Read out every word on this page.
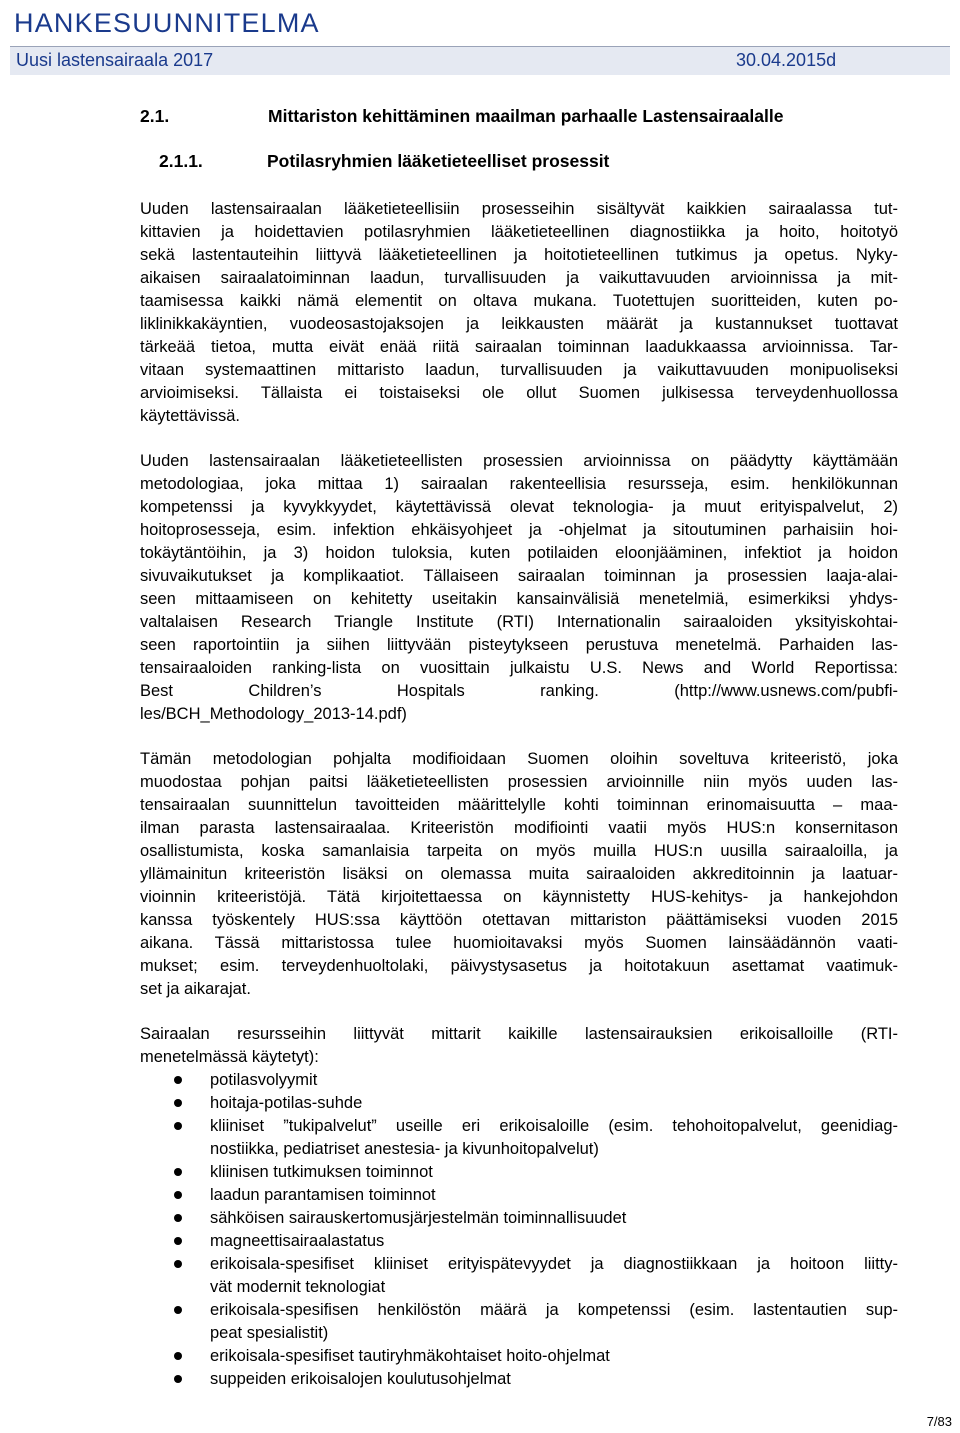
HANKESUUNNITELMA
Uusi lastensairaala 2017	30.04.2015d
2.1.	Mittariston kehittäminen maailman parhaalle Lastensairaalalle
2.1.1.	Potilasryhmien lääketieteelliset prosessit
Uuden lastensairaalan lääketieteellisiin prosesseihin sisältyvät kaikkien sairaalassa tut-
kittavien ja hoidettavien potilasryhmien lääketieteellinen diagnostiikka ja hoito, hoitotyö
sekä lastentauteihin liittyvä lääketieteellinen ja hoitotieteellinen tutkimus ja opetus. Nyky-
aikaisen sairaalatoiminnan laadun, turvallisuuden ja vaikuttavuuden arvioinnissa ja mit-
taamisessa kaikki nämä elementit on oltava mukana. Tuotettujen suoritteiden, kuten po-
liklinikkakäyntien, vuodeosastojaksojen ja leikkausten määrät ja kustannukset tuottavat
tärkeää tietoa, mutta eivät enää riitä sairaalan toiminnan laadukkaassa arvioinnissa. Tar-
vitaan systemaattinen mittaristo laadun, turvallisuuden ja vaikuttavuuden monipuoliseksi
arvioimiseksi. Tällaista ei toistaiseksi ole ollut Suomen julkisessa terveydenhuollossa
käytettävissä.
Uuden lastensairaalan lääketieteellisten prosessien arvioinnissa on päädytty käyttämään
metodologiaa, joka mittaa 1) sairaalan rakenteellisia resursseja, esim. henkilökunnan
kompetenssi ja kyvykkyydet, käytettävissä olevat teknologia- ja muut erityispalvelut, 2)
hoitoprosesseja, esim. infektion ehkäisyohjeet ja -ohjelmat ja sitoutuminen parhaisiin hoi-
tokäytäntöihin, ja 3) hoidon tuloksia, kuten potilaiden eloonjääminen, infektiot ja hoidon
sivuvaikutukset ja komplikaatiot. Tällaiseen sairaalan toiminnan ja prosessien laaja-alai-
seen mittaamiseen on kehitetty useitakin kansainvälisiä menetelmiä, esimerkiksi yhdys-
valtalaisen Research Triangle Institute (RTI) Internationalin sairaaloiden yksityiskohtai-
seen raportointiin ja siihen liittyvään pisteytykseen perustuva menetelmä. Parhaiden las-
tensairaaloiden ranking-lista on vuosittain julkaistu U.S. News and World Reportissa:
Best Children’s Hospitals ranking. (http://www.usnews.com/pubfi-
les/BCH_Methodology_2013-14.pdf)
Tämän metodologian pohjalta modifioidaan Suomen oloihin soveltuva kriteeristö, joka
muodostaa pohjan paitsi lääketieteellisten prosessien arvioinnille niin myös uuden las-
tensairaalan suunnittelun tavoitteiden määrittelylle kohti toiminnan erinomaisuutta – maa-
ilman parasta lastensairaalaa. Kriteeristön modifiointi vaatii myös HUS:n konsernitason
osallistumista, koska samanlaisia tarpeita on myös muilla HUS:n uusilla sairaaloilla, ja
yllämainitun kriteeristön lisäksi on olemassa muita sairaaloiden akkreditoinnin ja laatuar-
vioinnin kriteeristöjä. Tätä kirjoitettaessa on käynnistetty HUS-kehitys- ja hankejohdon
kanssa työskentely HUS:ssa käyttöön otettavan mittariston päättämiseksi vuoden 2015
aikana. Tässä mittaristossa tulee huomioitavaksi myös Suomen lainsäädännön vaati-
mukset; esim. terveydenhuoltolaki, päivystysasetus ja hoitotakuun asettamat vaatimuk-
set ja aikarajat.
Sairaalan resursseihin liittyvät mittarit kaikille lastensairauksien erikoisalloille (RTI-
menetelmässä käytetyt):
potilasvolyymit
hoitaja-potilas-suhde
kliiniset ”tukipalvelut” useille eri erikoisaloille (esim. tehohoitopalvelut, geenidiag-
nostiikka, pediatriset anestesia- ja kivunhoitopalvelut)
kliinisen tutkimuksen toiminnot
laadun parantamisen toiminnot
sähköisen sairauskertomusjärjestelmän toiminnallisuudet
magneettisairaalastatus
erikoisala-spesifiset kliiniset erityispätevyydet ja diagnostiikkaan ja hoitoon liitty-
vät modernit teknologiat
erikoisala-spesifisen henkilöstön määrä ja kompetenssi (esim. lastentautien sup-
peat spesialistit)
erikoisala-spesifiset tautiryhmäkohtaiset hoito-ohjelmat
suppeiden erikoisalojen koulutusohjelmat
7/83
